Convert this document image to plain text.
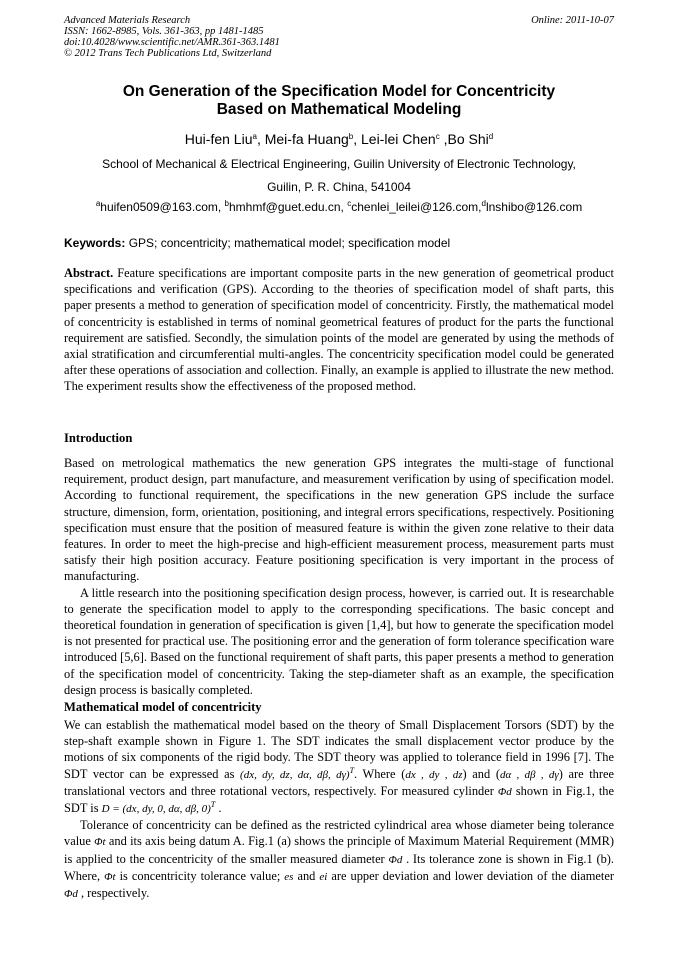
Advanced Materials Research
ISSN: 1662-8985, Vols. 361-363, pp 1481-1485
doi:10.4028/www.scientific.net/AMR.361-363.1481
© 2012 Trans Tech Publications Ltd, Switzerland
Online: 2011-10-07
On Generation of the Specification Model for Concentricity
Based on Mathematical Modeling
Hui-fen Liu$^a$, Mei-fa Huang$^b$, Lei-lei Chen$^c$ ,Bo Shi$^d$
School of Mechanical & Electrical Engineering, Guilin University of Electronic Technology,
Guilin, P. R. China, 541004
$^a$huifen0509@163.com, $^b$hmhmf@guet.edu.cn, $^c$chenlei_leilei@126.com,$^d$lnshibo@126.com
Keywords: GPS; concentricity; mathematical model; specification model
Abstract. Feature specifications are important composite parts in the new generation of geometrical product specifications and verification (GPS). According to the theories of specification model of shaft parts, this paper presents a method to generation of specification model of concentricity. Firstly, the mathematical model of concentricity is established in terms of nominal geometrical features of product for the parts the functional requirement are satisfied. Secondly, the simulation points of the model are generated by using the methods of axial stratification and circumferential multi-angles. The concentricity specification model could be generated after these operations of association and collection. Finally, an example is applied to illustrate the new method. The experiment results show the effectiveness of the proposed method.
Introduction

Based on metrological mathematics the new generation GPS integrates the multi-stage of functional requirement, product design, part manufacture, and measurement verification by using of specification model. According to functional requirement, the specifications in the new generation GPS include the surface structure, dimension, form, orientation, positioning, and integral errors specifications, respectively. Positioning specification must ensure that the position of measured feature is within the given zone relative to their data features. In order to meet the high-precise and high-efficient measurement process, measurement parts must satisfy their high position accuracy. Feature positioning specification is very important in the process of manufacturing.

A little research into the positioning specification design process, however, is carried out. It is researchable to generate the specification model to apply to the corresponding specifications. The basic concept and theoretical foundation in generation of specification is given [1,4], but how to generate the specification model is not presented for practical use. The positioning error and the generation of form tolerance specification ware introduced [5,6]. Based on the functional requirement of shaft parts, this paper presents a method to generation of the specification model of concentricity. Taking the step-diameter shaft as an example, the specification design process is basically completed.

Mathematical model of concentricity

We can establish the mathematical model based on the theory of Small Displacement Torsors (SDT) by the step-shaft example shown in Figure 1. The SDT indicates the small displacement vector produce by the motions of six components of the rigid body. The SDT theory was applied to tolerance field in 1996 [7]. The SDT vector can be expressed as (dx, dy, dz, dα, dβ, dγ)$^T$. Where (dx , dy , dz) and (dα , dβ , dγ) are three translational vectors and three rotational vectors, respectively. For measured cylinder Φd shown in Fig.1, the SDT is D = (dx, dy, 0, dα, dβ, 0)$^T$ .

Tolerance of concentricity can be defined as the restricted cylindrical area whose diameter being tolerance value Φt and its axis being datum A. Fig.1 (a) shows the principle of Maximum Material Requirement (MMR) is applied to the concentricity of the smaller measured diameter Φd . Its tolerance zone is shown in Fig.1 (b). Where, Φt is concentricity tolerance value; es and ei are upper deviation and lower deviation of the diameter Φd , respectively.
